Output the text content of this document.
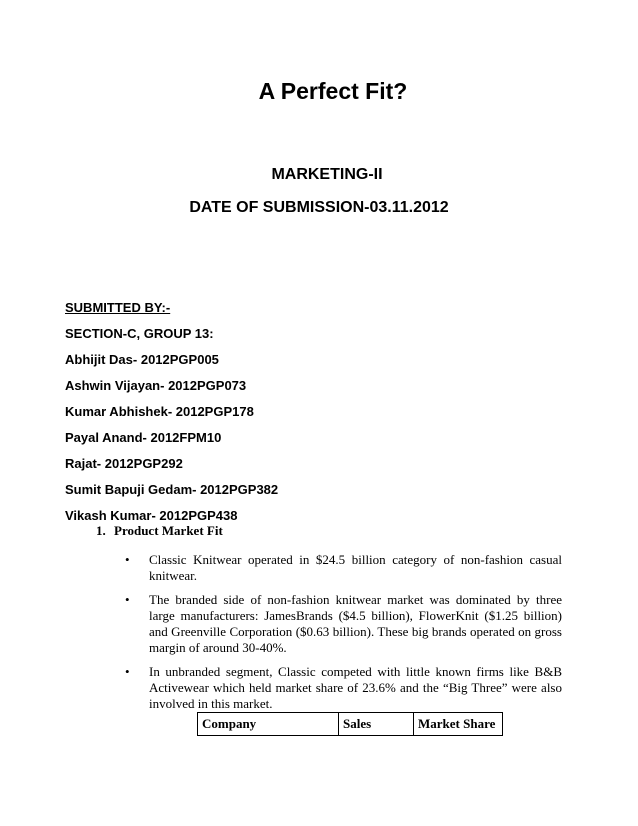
A Perfect Fit?
MARKETING-II
DATE OF SUBMISSION-03.11.2012
SUBMITTED BY:-
SECTION-C, GROUP 13:
Abhijit Das- 2012PGP005
Ashwin Vijayan- 2012PGP073
Kumar Abhishek- 2012PGP178
Payal Anand- 2012FPM10
Rajat- 2012PGP292
Sumit Bapuji Gedam- 2012PGP382
Vikash Kumar- 2012PGP438
1. Product Market Fit
•	Classic Knitwear operated in $24.5 billion category of non-fashion casual knitwear.
•	The branded side of non-fashion knitwear market was dominated by three large manufacturers: JamesBrands ($4.5 billion), FlowerKnit ($1.25 billion) and Greenville Corporation ($0.63 billion). These big brands operated on gross margin of around 30-40%.
•	In unbranded segment, Classic competed with little known firms like B&B Activewear which held market share of 23.6% and the “Big Three” were also involved in this market.
Company	Sales	Market Share
